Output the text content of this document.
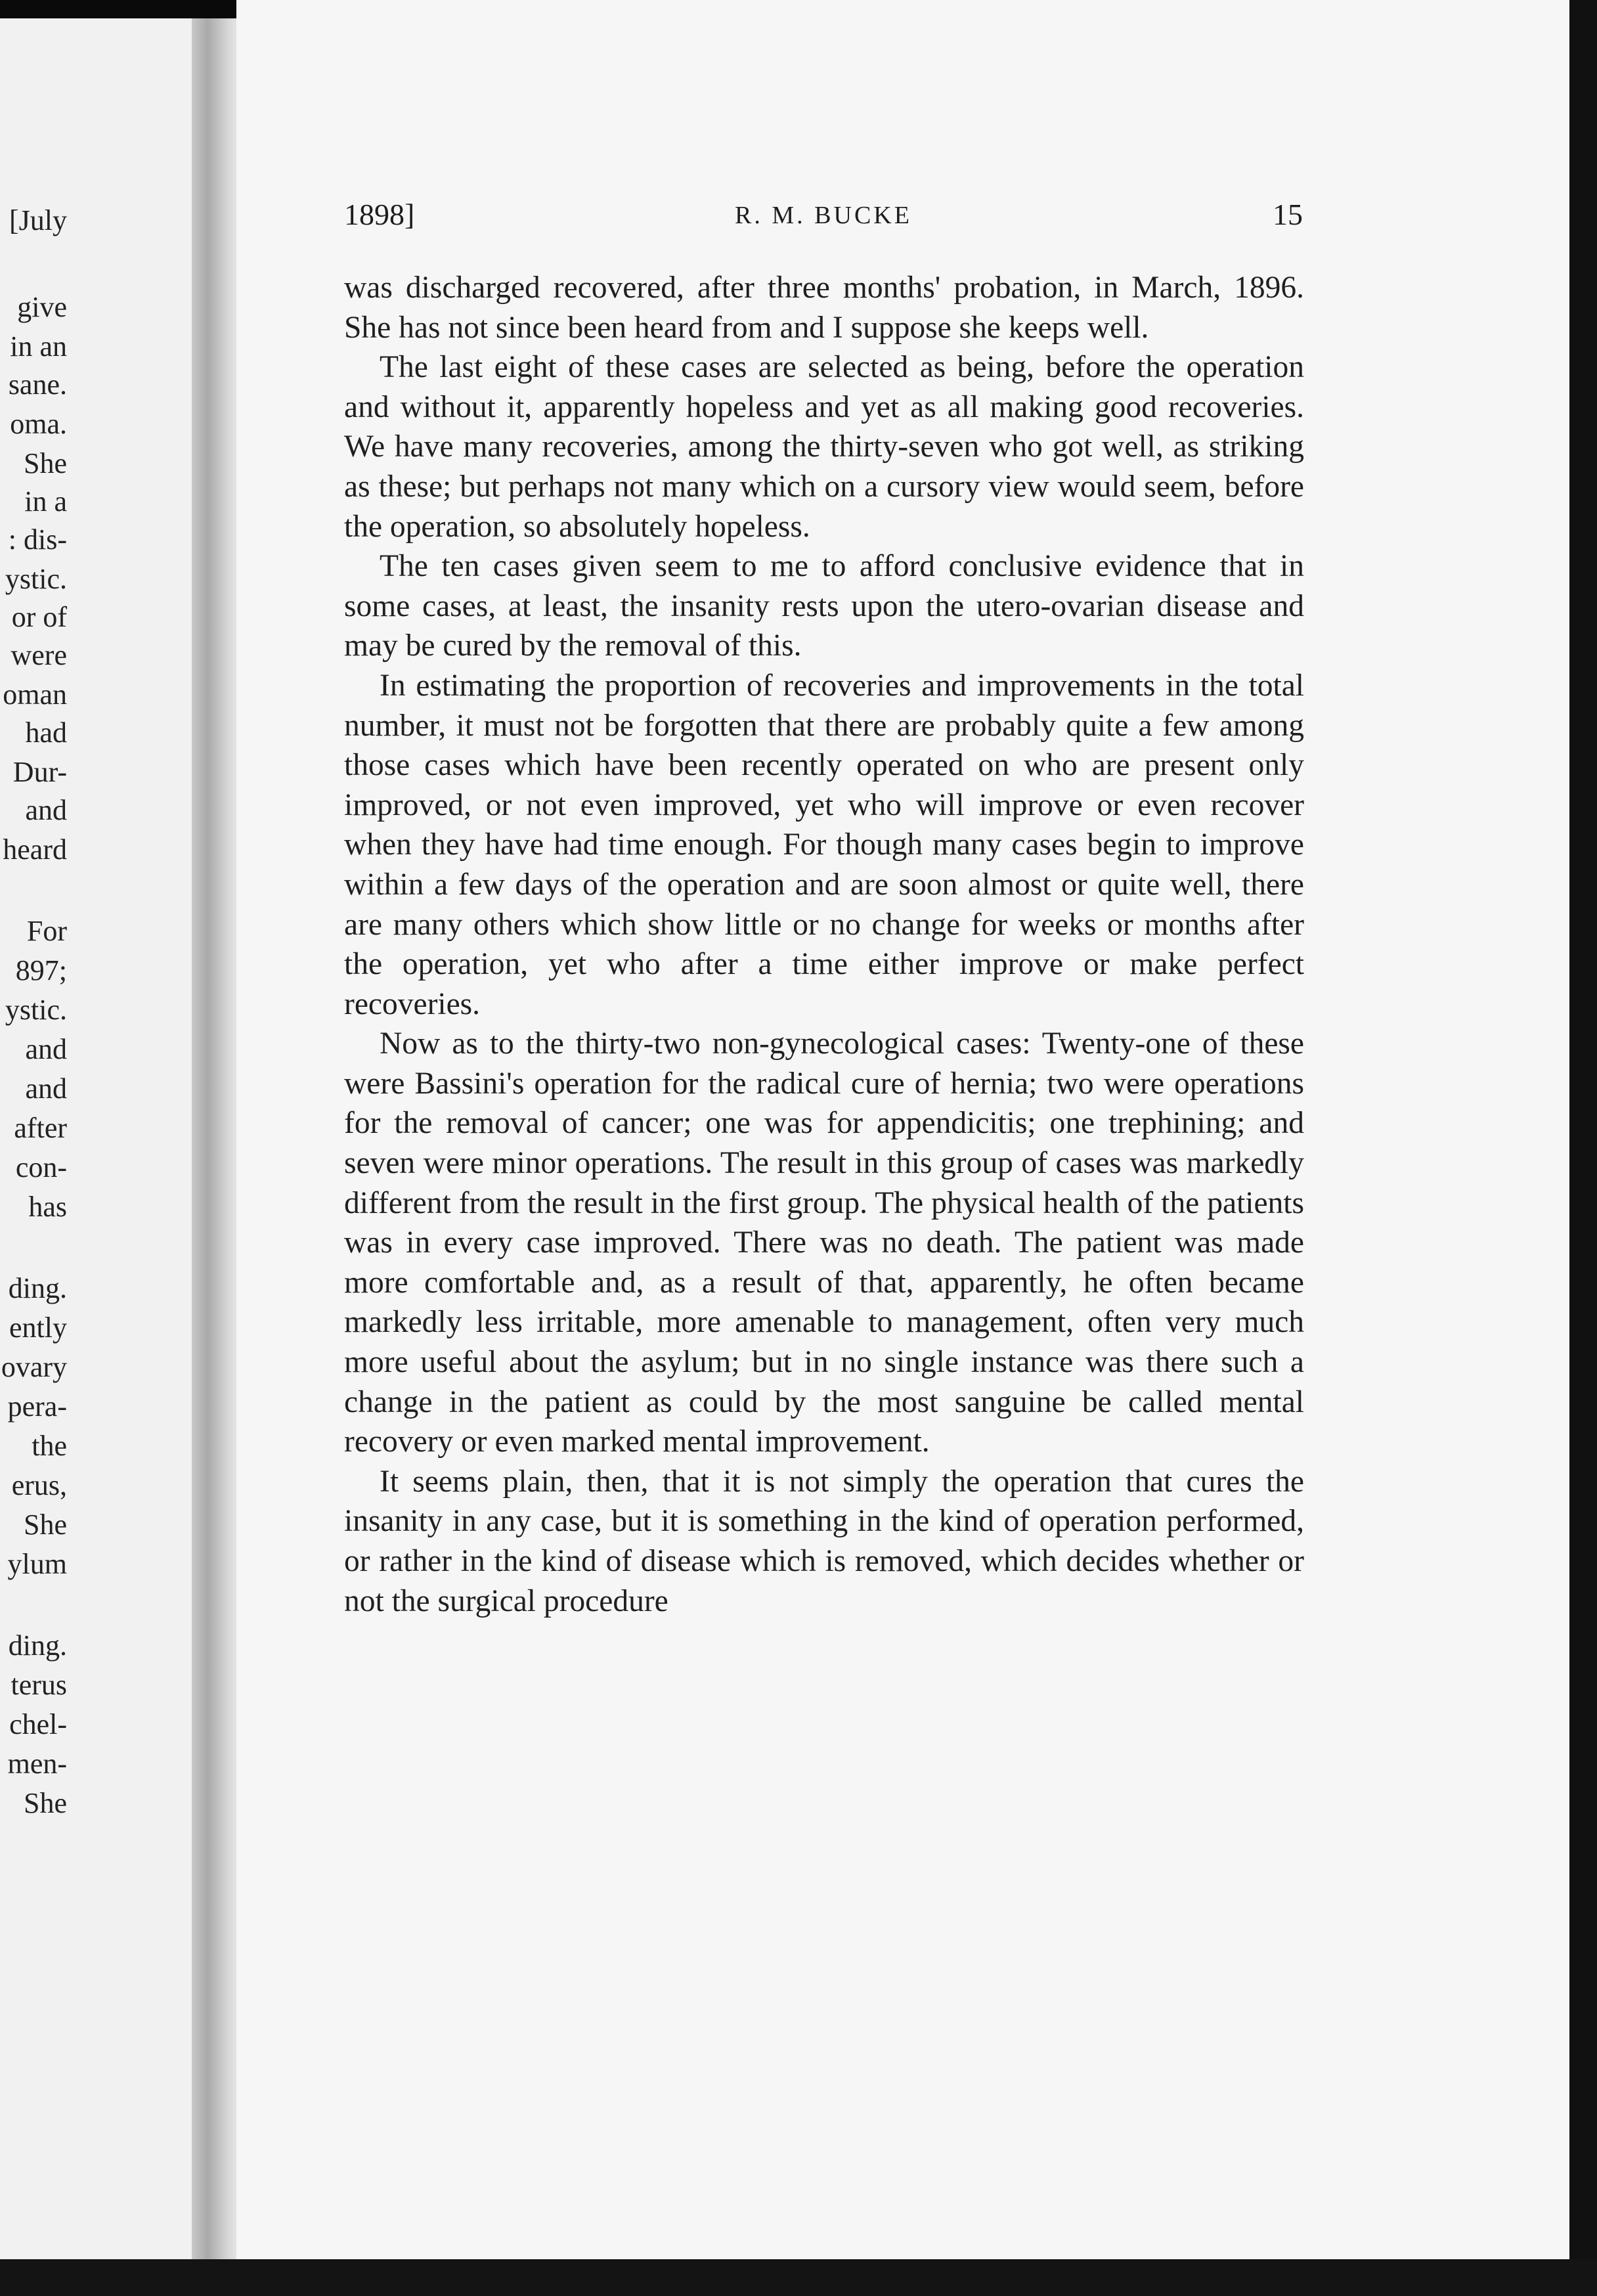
[July
give
in an
sane.
oma.
She
in a
: dis-
ystic.
or of
were
oman
had
Dur-
and
heard
For
897;
ystic.
and
and
after
con-
has
ding.
ently
ovary
pera-
the
erus,
She
ylum
ding.
terus
chel-
men-
She
1898]	R. M. BUCKE	15

was discharged recovered, after three months' probation, in March, 1896. She has not since been heard from and I suppose she keeps well.

The last eight of these cases are selected as being, before the operation and without it, apparently hopeless and yet as all making good recoveries. We have many recoveries, among the thirty-seven who got well, as striking as these; but perhaps not many which on a cursory view would seem, before the operation, so absolutely hopeless.

The ten cases given seem to me to afford conclusive evidence that in some cases, at least, the insanity rests upon the utero-ovarian disease and may be cured by the removal of this.

In estimating the proportion of recoveries and improvements in the total number, it must not be forgotten that there are probably quite a few among those cases which have been recently operated on who are present only improved, or not even improved, yet who will improve or even recover when they have had time enough. For though many cases begin to improve within a few days of the operation and are soon almost or quite well, there are many others which show little or no change for weeks or months after the operation, yet who after a time either improve or make perfect recoveries.

Now as to the thirty-two non-gynecological cases: Twenty-one of these were Bassini's operation for the radical cure of hernia; two were operations for the removal of cancer; one was for appendicitis; one trephining; and seven were minor operations. The result in this group of cases was markedly different from the result in the first group. The physical health of the patients was in every case improved. There was no death. The patient was made more comfortable and, as a result of that, apparently, he often became markedly less irritable, more amenable to management, often very much more useful about the asylum; but in no single instance was there such a change in the patient as could by the most sanguine be called mental recovery or even marked mental improvement.

It seems plain, then, that it is not simply the operation that cures the insanity in any case, but it is something in the kind of operation performed, or rather in the kind of disease which is removed, which decides whether or not the surgical procedure
